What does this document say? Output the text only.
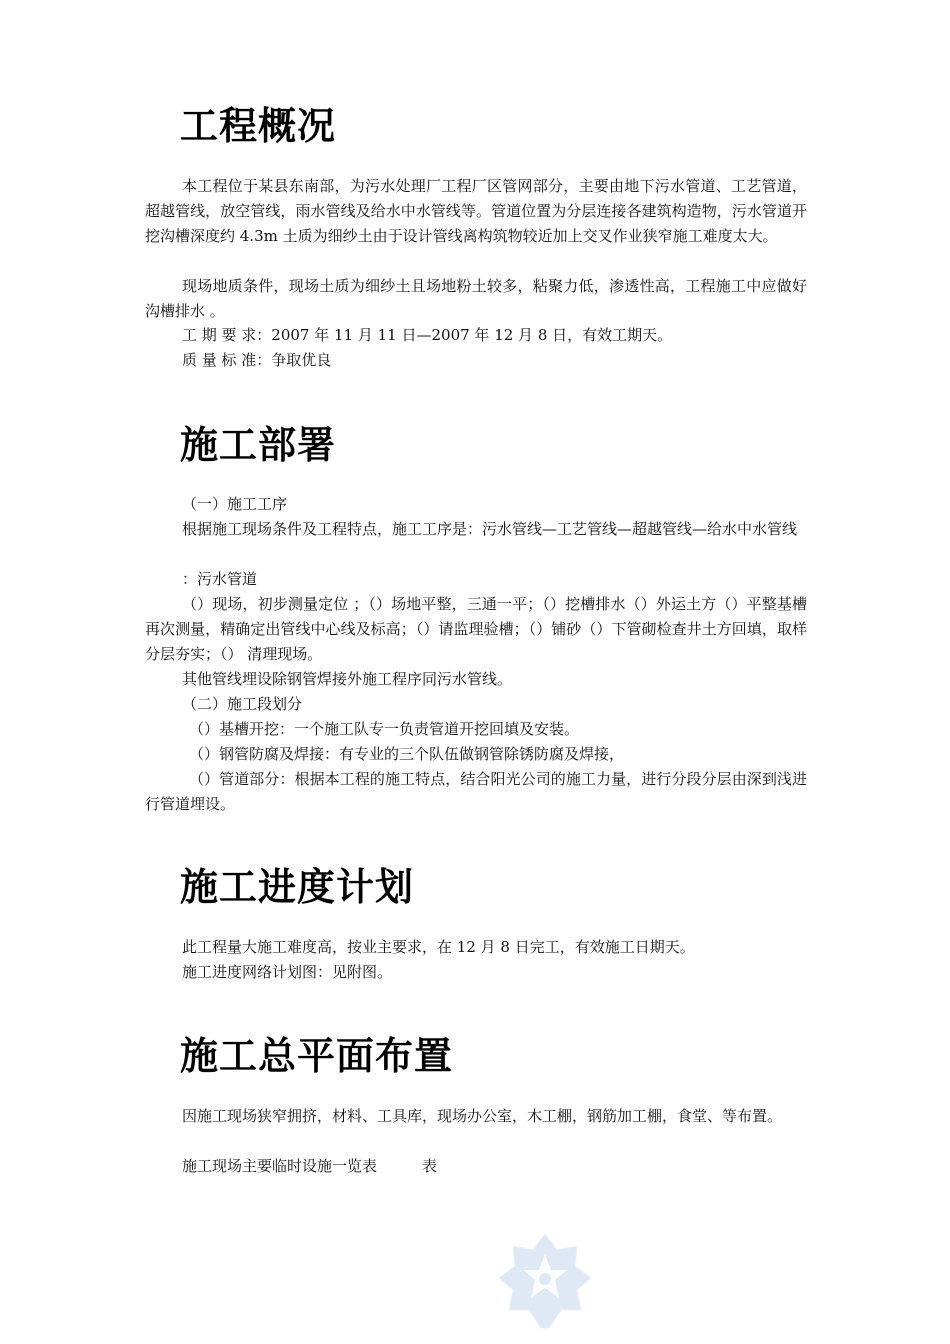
工程概况

本工程位于某县东南部，为污水处理厂工程厂区管网部分，主要由地下污水管道、工艺管道，超越管线，放空管线，雨水管线及给水中水管线等。管道位置为分层连接各建筑构造物，污水管道开挖沟槽深度约 4.3m 土质为细纱土由于设计管线离构筑物较近加上交叉作业狭窄施工难度太大。

现场地质条件，现场土质为细纱土且场地粉土较多，粘聚力低，渗透性高，工程施工中应做好沟槽排水 。

工 期 要 求：2007 年 11 月 11 日—2007 年 12 月 8 日，有效工期天。

质 量 标 准：争取优良

施工部署

（一）施工工序

根据施工现场条件及工程特点，施工工序是：污水管线—工艺管线—超越管线—给水中水管线

：污水管道

（）现场，初步测量定位 ；（）场地平整，三通一平；（）挖槽排水（）外运土方（）平整基槽再次测量，精确定出管线中心线及标高；（）请监理验槽；（）铺砂（）下管砌检查井土方回填，取样分层夯实；（） 清理现场。

其他管线埋设除钢管焊接外施工程序同污水管线。

（二）施工段划分

（）基槽开挖：一个施工队专一负责管道开挖回填及安装。

（）钢管防腐及焊接：有专业的三个队伍做钢管除锈防腐及焊接，

（）管道部分：根据本工程的施工特点，结合阳光公司的施工力量，进行分段分层由深到浅进行管道埋设。

施工进度计划

此工程量大施工难度高，按业主要求，在 12 月 8 日完工，有效施工日期天。

施工进度网络计划图：见附图。

施工总平面布置

因施工现场狭窄拥挤，材料、工具库，现场办公室，木工棚，钢筋加工棚，食堂、等布置。

施工现场主要临时设施一览表　　　表
